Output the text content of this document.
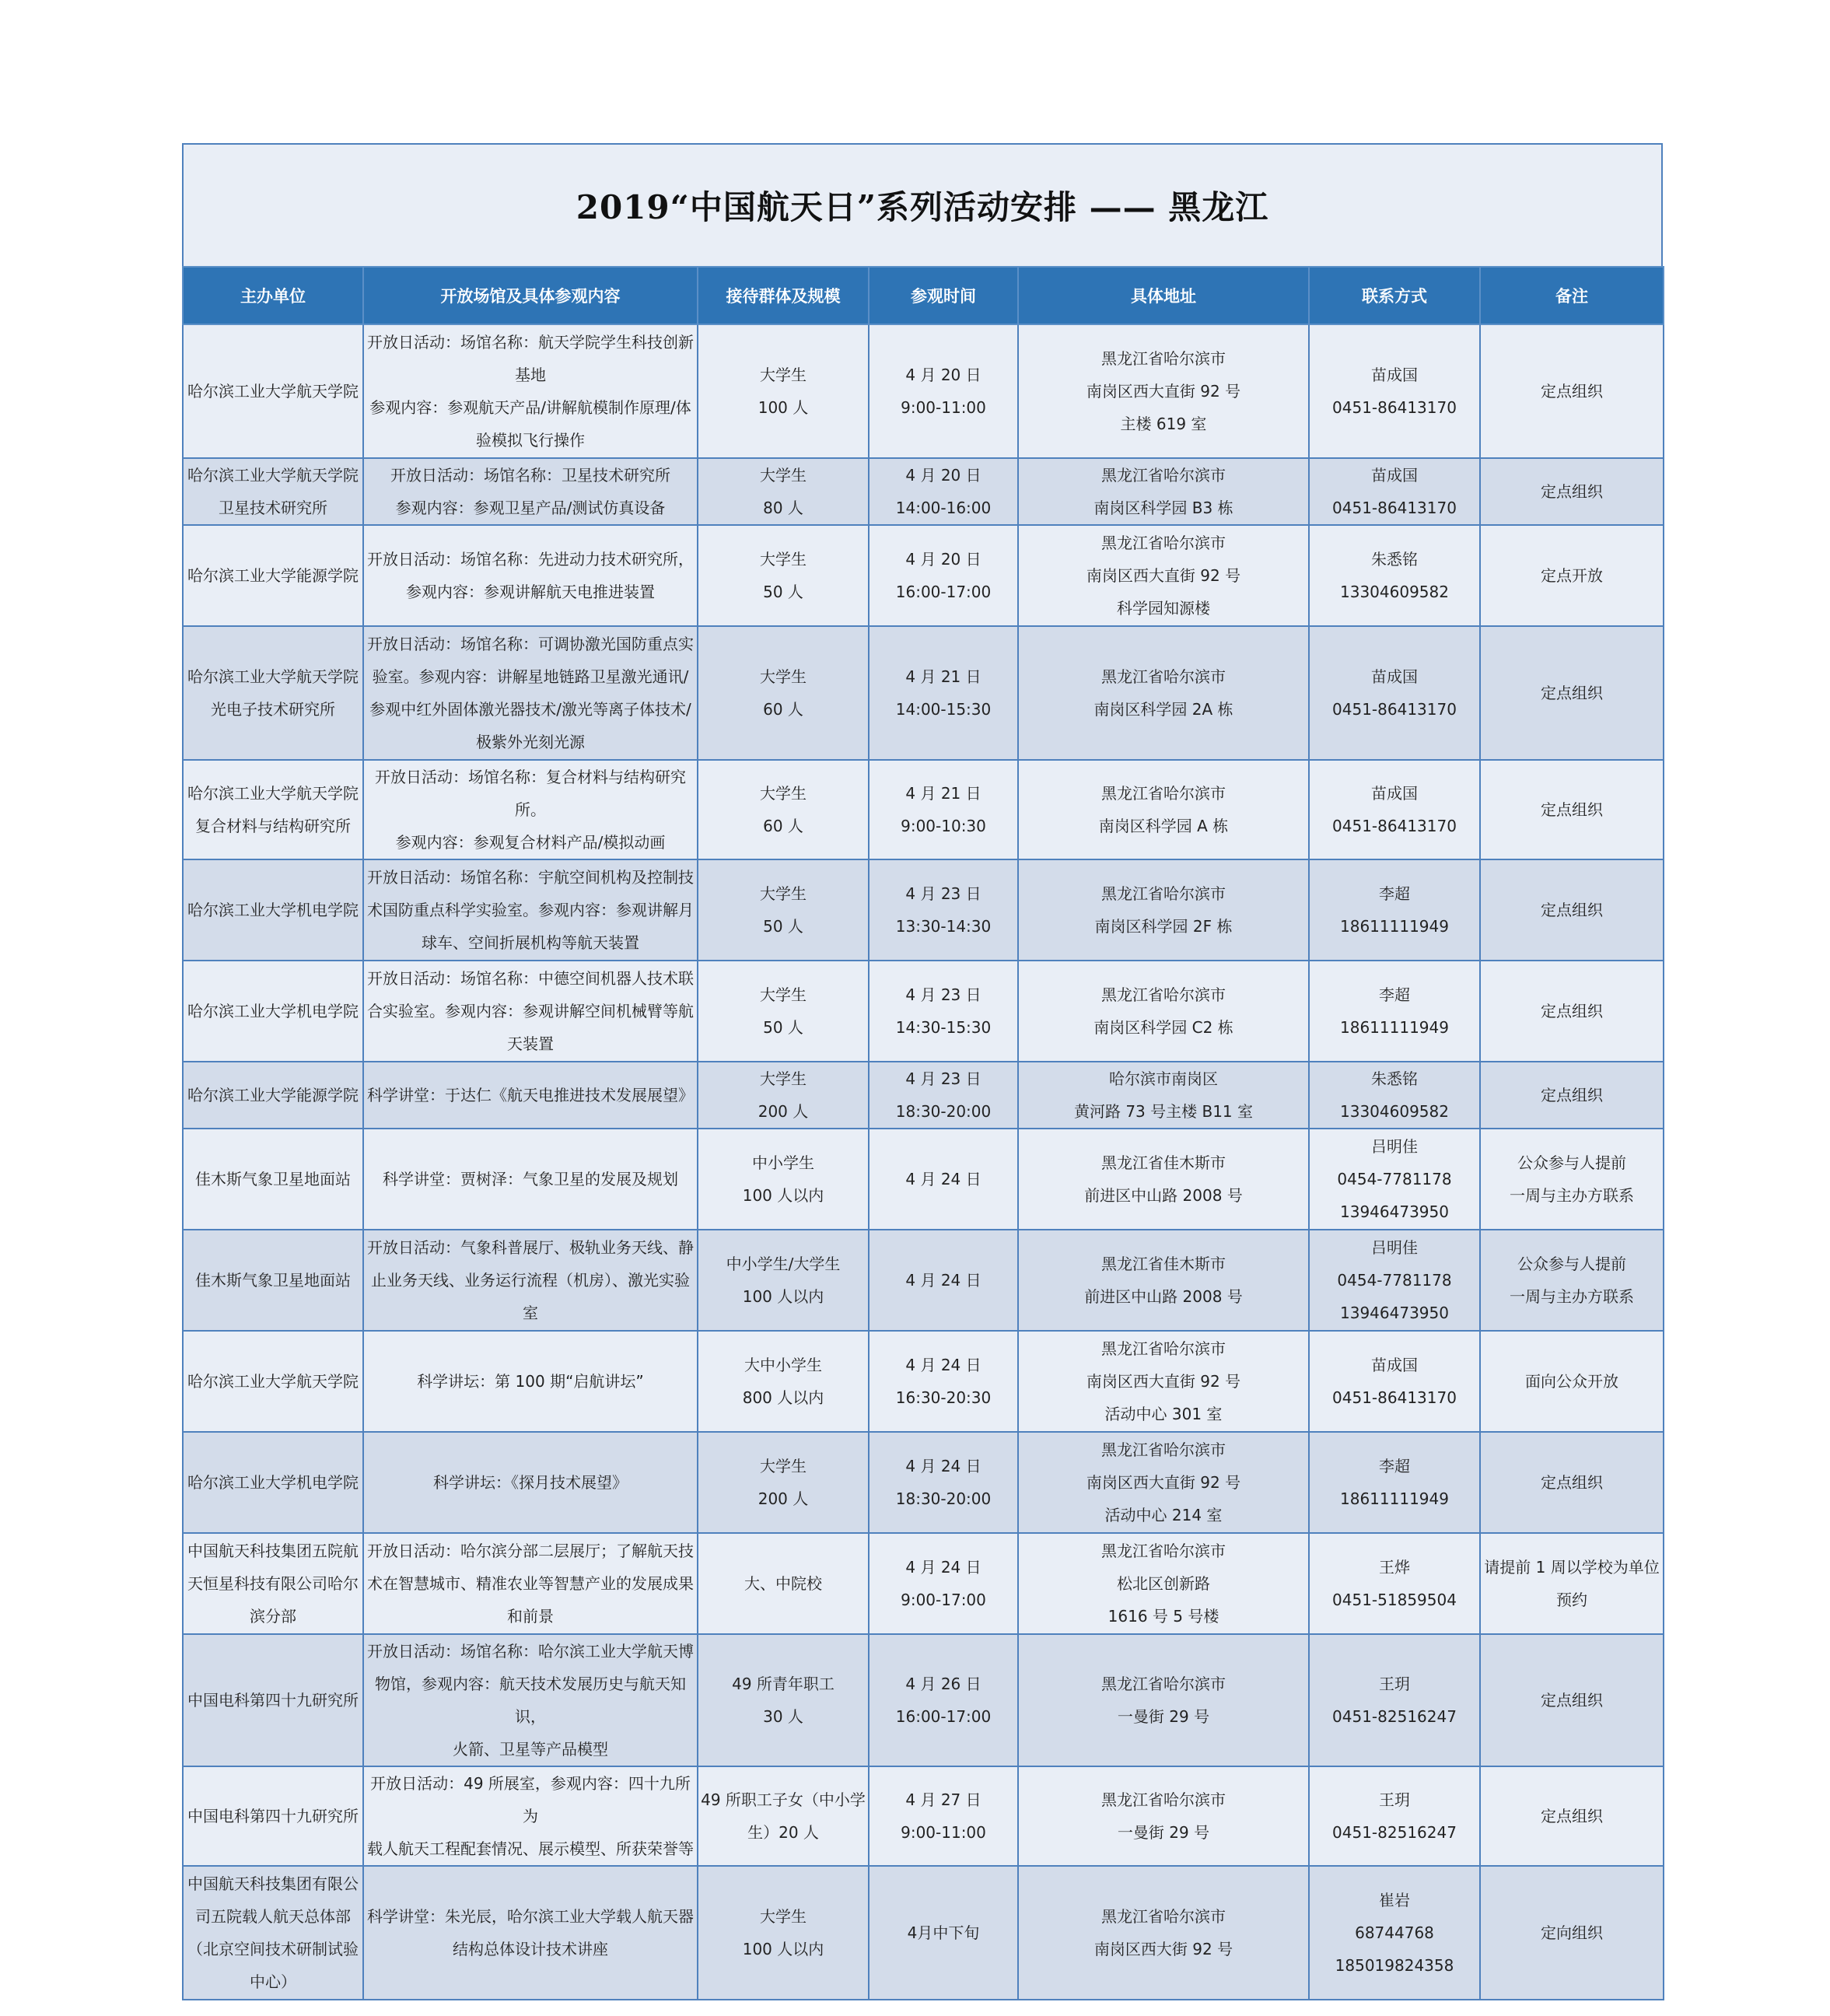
2019“中国航天日”系列活动安排 —— 黑龙江
主办单位	开放场馆及具体参观内容	接待群体及规模	参观时间	具体地址	联系方式	备注

哈尔滨工业大学航天学院	开放日活动：场馆名称：航天学院学生科技创新
基地
参观内容：参观航天产品/讲解航模制作原理/体
验模拟飞行操作	大学生
100 人	4 月 20 日
9:00-11:00	黑龙江省哈尔滨市
南岗区西大直街 92 号
主楼 619 室	苗成国
0451-86413170	定点组织

哈尔滨工业大学航天学院
卫星技术研究所	开放日活动：场馆名称：卫星技术研究所
参观内容：参观卫星产品/测试仿真设备	大学生
80 人	4 月 20 日
14:00-16:00	黑龙江省哈尔滨市
南岗区科学园 B3 栋	苗成国
0451-86413170	定点组织

哈尔滨工业大学能源学院	开放日活动：场馆名称：先进动力技术研究所，
参观内容：参观讲解航天电推进装置	大学生
50 人	4 月 20 日
16:00-17:00	黑龙江省哈尔滨市
南岗区西大直街 92 号
科学园知源楼	朱悉铭
13304609582	定点开放

哈尔滨工业大学航天学院
光电子技术研究所	开放日活动：场馆名称：可调协激光国防重点实
验室。参观内容：讲解星地链路卫星激光通讯/
参观中红外固体激光器技术/激光等离子体技术/
极紫外光刻光源	大学生
60 人	4 月 21 日
14:00-15:30	黑龙江省哈尔滨市
南岗区科学园 2A 栋	苗成国
0451-86413170	定点组织

哈尔滨工业大学航天学院
复合材料与结构研究所	开放日活动：场馆名称：复合材料与结构研究所。
参观内容：参观复合材料产品/模拟动画	大学生
60 人	4 月 21 日
9:00-10:30	黑龙江省哈尔滨市
南岗区科学园 A 栋	苗成国
0451-86413170	定点组织

哈尔滨工业大学机电学院	开放日活动：场馆名称：宇航空间机构及控制技
术国防重点科学实验室。参观内容：参观讲解月
球车、空间折展机构等航天装置	大学生
50 人	4 月 23 日
13:30-14:30	黑龙江省哈尔滨市
南岗区科学园 2F 栋	李超
18611111949	定点组织

哈尔滨工业大学机电学院	开放日活动：场馆名称：中德空间机器人技术联
合实验室。参观内容：参观讲解空间机械臂等航
天装置	大学生
50 人	4 月 23 日
14:30-15:30	黑龙江省哈尔滨市
南岗区科学园 C2 栋	李超
18611111949	定点组织

哈尔滨工业大学能源学院	科学讲堂：于达仁《航天电推进技术发展展望》	大学生
200 人	4 月 23 日
18:30-20:00	哈尔滨市南岗区
黄河路 73 号主楼 B11 室	朱悉铭
13304609582	定点组织

佳木斯气象卫星地面站	科学讲堂：贾树泽：气象卫星的发展及规划	中小学生
100 人以内	4 月 24 日	黑龙江省佳木斯市
前进区中山路 2008 号	吕明佳
0454-7781178
13946473950	公众参与人提前
一周与主办方联系

佳木斯气象卫星地面站	开放日活动：气象科普展厅、极轨业务天线、静
止业务天线、业务运行流程（机房）、激光实验
室	中小学生/大学生
100 人以内	4 月 24 日	黑龙江省佳木斯市
前进区中山路 2008 号	吕明佳
0454-7781178
13946473950	公众参与人提前
一周与主办方联系

哈尔滨工业大学航天学院	科学讲坛：第 100 期“启航讲坛”	大中小学生
800 人以内	4 月 24 日
16:30-20:30	黑龙江省哈尔滨市
南岗区西大直街 92 号
活动中心 301 室	苗成国
0451-86413170	面向公众开放

哈尔滨工业大学机电学院	科学讲坛：《探月技术展望》	大学生
200 人	4 月 24 日
18:30-20:00	黑龙江省哈尔滨市
南岗区西大直街 92 号
活动中心 214 室	李超
18611111949	定点组织

中国航天科技集团五院航
天恒星科技有限公司哈尔
滨分部	开放日活动：哈尔滨分部二层展厅；了解航天技
术在智慧城市、精准农业等智慧产业的发展成果
和前景	大、中院校	4 月 24 日
9:00-17:00	黑龙江省哈尔滨市
松北区创新路
1616 号 5 号楼	王烨
0451-51859504	请提前 1 周以学校为单位
预约

中国电科第四十九研究所	开放日活动：场馆名称：哈尔滨工业大学航天博
物馆，参观内容：航天技术发展历史与航天知识，
火箭、卫星等产品模型	49 所青年职工
30 人	4 月 26 日
16:00-17:00	黑龙江省哈尔滨市
一曼街 29 号	王玥
0451-82516247	定点组织

中国电科第四十九研究所	开放日活动：49 所展室，参观内容：四十九所为
载人航天工程配套情况、展示模型、所获荣誉等	49 所职工子女（中小学
生）20 人	4 月 27 日
9:00-11:00	黑龙江省哈尔滨市
一曼街 29 号	王玥
0451-82516247	定点组织

中国航天科技集团有限公
司五院载人航天总体部
（北京空间技术研制试验
中心）	科学讲堂：朱光辰，哈尔滨工业大学载人航天器
结构总体设计技术讲座	大学生
100 人以内	4月中下旬	黑龙江省哈尔滨市
南岗区西大街 92 号	崔岩
68744768
185019824358	定向组织
